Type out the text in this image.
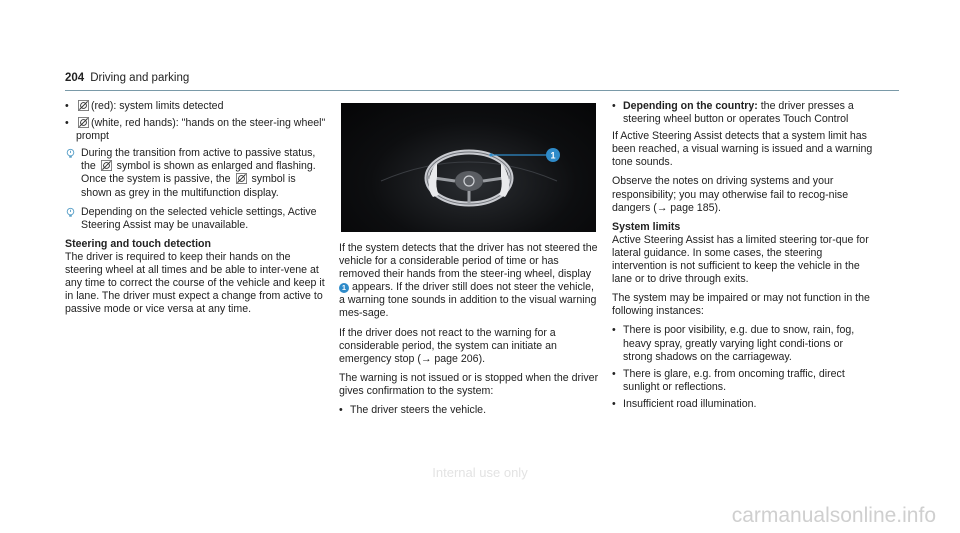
204 Driving and parking
• (red): system limits detected
• (white, red hands): "hands on the steer-ing wheel" prompt
During the transition from active to passive status, the symbol is shown as enlarged and flashing. Once the system is passive, the symbol is shown as grey in the multifunction display.
Depending on the selected vehicle settings, Active Steering Assist may be unavailable.
Steering and touch detection

The driver is required to keep their hands on the steering wheel at all times and be able to inter-vene at any time to correct the course of the vehicle and keep it in lane. The driver must expect a change from active to passive mode or vice versa at any time.

1

If the system detects that the driver has not steered the vehicle for a considerable period of time or has removed their hands from the steer-ing wheel, display 1 appears. If the driver still does not steer the vehicle, a warning tone sounds in addition to the visual warning mes-sage.

If the driver does not react to the warning for a considerable period, the system can initiate an emergency stop (→ page 206).

The warning is not issued or is stopped when the driver gives confirmation to the system:

• The driver steers the vehicle.
• Depending on the country: the driver presses a steering wheel button or operates Touch Control

If Active Steering Assist detects that a system limit has been reached, a visual warning is issued and a warning tone sounds.

Observe the notes on driving systems and your responsibility; you may otherwise fail to recog-nise dangers (→ page 185).

System limits

Active Steering Assist has a limited steering tor-que for lateral guidance. In some cases, the steering intervention is not sufficient to keep the vehicle in the lane or to drive through exits.

The system may be impaired or may not function in the following instances:

• There is poor visibility, e.g. due to snow, rain, fog, heavy spray, greatly varying light condi-tions or strong shadows on the carriageway.
• There is glare, e.g. from oncoming traffic, direct sunlight or reflections.
• Insufficient road illumination.
Internal use only
carmanualsonline.info
